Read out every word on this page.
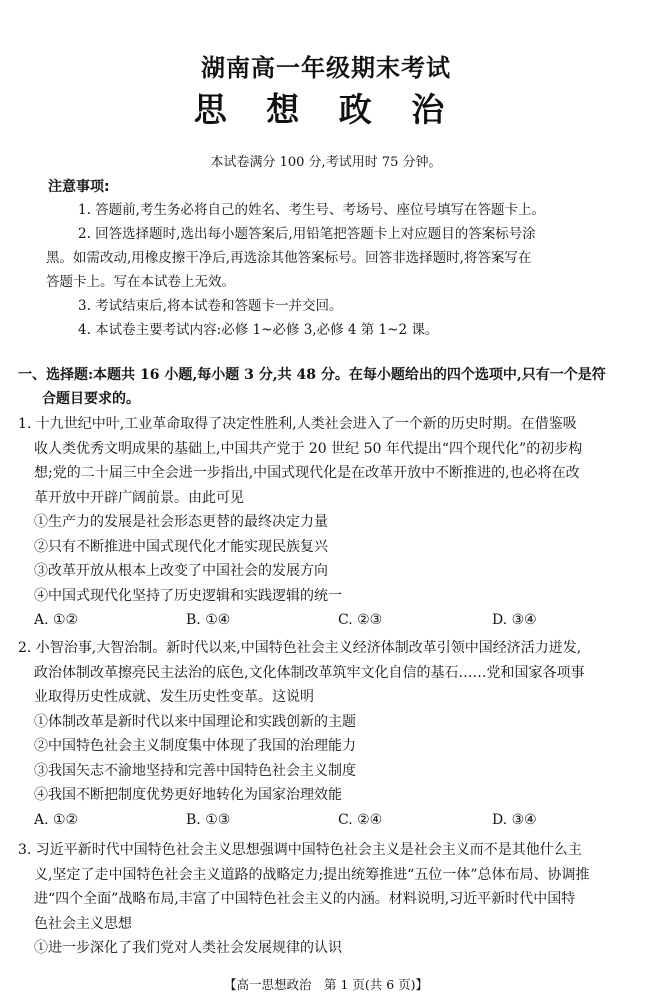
湖南高一年级期末考试
思 想 政 治
本试卷满分 100 分,考试用时 75 分钟。
注意事项:

1. 答题前,考生务必将自己的姓名、考生号、考场号、座位号填写在答题卡上。

2. 回答选择题时,选出每小题答案后,用铅笔把答题卡上对应题目的答案标号涂

黑。如需改动,用橡皮擦干净后,再选涂其他答案标号。回答非选择题时,将答案写在

答题卡上。写在本试卷上无效。

3. 考试结束后,将本试卷和答题卡一并交回。

4. 本试卷主要考试内容:必修 1~必修 3,必修 4 第 1~2 课。

一、选择题:本题共 16 小题,每小题 3 分,共 48 分。在每小题给出的四个选项中,只有一个是符

合题目要求的。

1. 十九世纪中叶,工业革命取得了决定性胜利,人类社会进入了一个新的历史时期。在借鉴吸

收人类优秀文明成果的基础上,中国共产党于 20 世纪 50 年代提出“四个现代化”的初步构

想;党的二十届三中全会进一步指出,中国式现代化是在改革开放中不断推进的,也必将在改

革开放中开辟广阔前景。由此可见

①生产力的发展是社会形态更替的最终决定力量

②只有不断推进中国式现代化才能实现民族复兴

③改革开放从根本上改变了中国社会的发展方向

④中国式现代化坚持了历史逻辑和实践逻辑的统一

A. ①②	B. ①④	C. ②③	D. ③④

2. 小智治事,大智治制。新时代以来,中国特色社会主义经济体制改革引领中国经济活力迸发,

政治体制改革擦亮民主法治的底色,文化体制改革筑牢文化自信的基石……党和国家各项事

业取得历史性成就、发生历史性变革。这说明

①体制改革是新时代以来中国理论和实践创新的主题

②中国特色社会主义制度集中体现了我国的治理能力

③我国矢志不渝地坚持和完善中国特色社会主义制度

④我国不断把制度优势更好地转化为国家治理效能

A. ①②	B. ①③	C. ②④	D. ③④

3. 习近平新时代中国特色社会主义思想强调中国特色社会主义是社会主义而不是其他什么主

义,坚定了走中国特色社会主义道路的战略定力;提出统筹推进“五位一体”总体布局、协调推

进“四个全面”战略布局,丰富了中国特色社会主义的内涵。材料说明,习近平新时代中国特

色社会主义思想

①进一步深化了我们党对人类社会发展规律的认识

【高一思想政治　第 1 页(共 6 页)】
